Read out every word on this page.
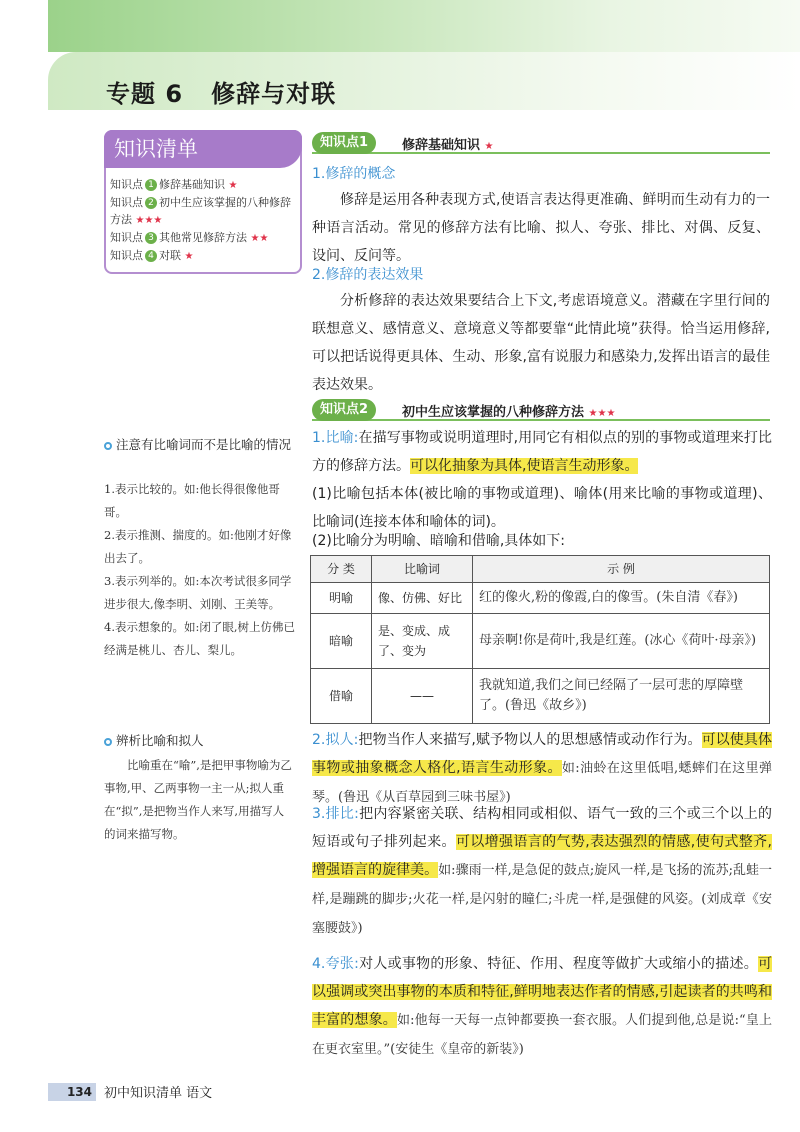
专题 6   修辞与对联
知识清单
知识点 1 修辞基础知识 ★
知识点 2 初中生应该掌握的八种修辞方法 ★★★
知识点 3 其他常见修辞方法 ★★
知识点 4 对联 ★
注意有比喻词而不是比喻的情况
1.表示比较的。如:他长得很像他哥哥。
2.表示推测、揣度的。如:他刚才好像出去了。
3.表示列举的。如:本次考试很多同学进步很大,像李明、刘刚、王美等。
4.表示想象的。如:闭了眼,树上仿佛已经满是桃儿、杏儿、梨儿。
辨析比喻和拟人
比喻重在“喻”,是把甲事物喻为乙事物,甲、乙两事物一主一从;拟人重在“拟”,是把物当作人来写,用描写人的词来描写物。
知识点1	修辞基础知识 ★
1.修辞的概念
修辞是运用各种表现方式,使语言表达得更准确、鲜明而生动有力的一种语言活动。常见的修辞方法有比喻、拟人、夸张、排比、对偶、反复、设问、反问等。
2.修辞的表达效果
分析修辞的表达效果要结合上下文,考虑语境意义。潜藏在字里行间的联想意义、感情意义、意境意义等都要靠“此情此境”获得。恰当运用修辞,可以把话说得更具体、生动、形象,富有说服力和感染力,发挥出语言的最佳表达效果。
知识点2	初中生应该掌握的八种修辞方法 ★★★
1.比喻:在描写事物或说明道理时,用同它有相似点的别的事物或道理来打比方的修辞方法。可以化抽象为具体,使语言生动形象。
(1)比喻包括本体(被比喻的事物或道理)、喻体(用来比喻的事物或道理)、比喻词(连接本体和喻体的词)。
(2)比喻分为明喻、暗喻和借喻,具体如下:
分 类	比喻词	示 例
明喻	像、仿佛、好比	红的像火,粉的像霞,白的像雪。(朱自清《春》)
暗喻	是、变成、成了、变为	母亲啊!你是荷叶,我是红莲。(冰心《荷叶·母亲》)
借喻	——	我就知道,我们之间已经隔了一层可悲的厚障壁了。(鲁迅《故乡》)
2.拟人:把物当作人来描写,赋予物以人的思想感情或动作行为。可以使具体事物或抽象概念人格化,语言生动形象。如:油蛉在这里低唱,蟋蟀们在这里弹琴。(鲁迅《从百草园到三味书屋》)
3.排比:把内容紧密关联、结构相同或相似、语气一致的三个或三个以上的短语或句子排列起来。可以增强语言的气势,表达强烈的情感,使句式整齐,增强语言的旋律美。如:骤雨一样,是急促的鼓点;旋风一样,是飞扬的流苏;乱蛙一样,是蹦跳的脚步;火花一样,是闪射的瞳仁;斗虎一样,是强健的风姿。(刘成章《安塞腰鼓》)
4.夸张:对人或事物的形象、特征、作用、程度等做扩大或缩小的描述。可以强调或突出事物的本质和特征,鲜明地表达作者的情感,引起读者的共鸣和丰富的想象。如:他每一天每一点钟都要换一套衣服。人们提到他,总是说:“皇上在更衣室里。”(安徒生《皇帝的新装》)
134 初中知识清单 语文
